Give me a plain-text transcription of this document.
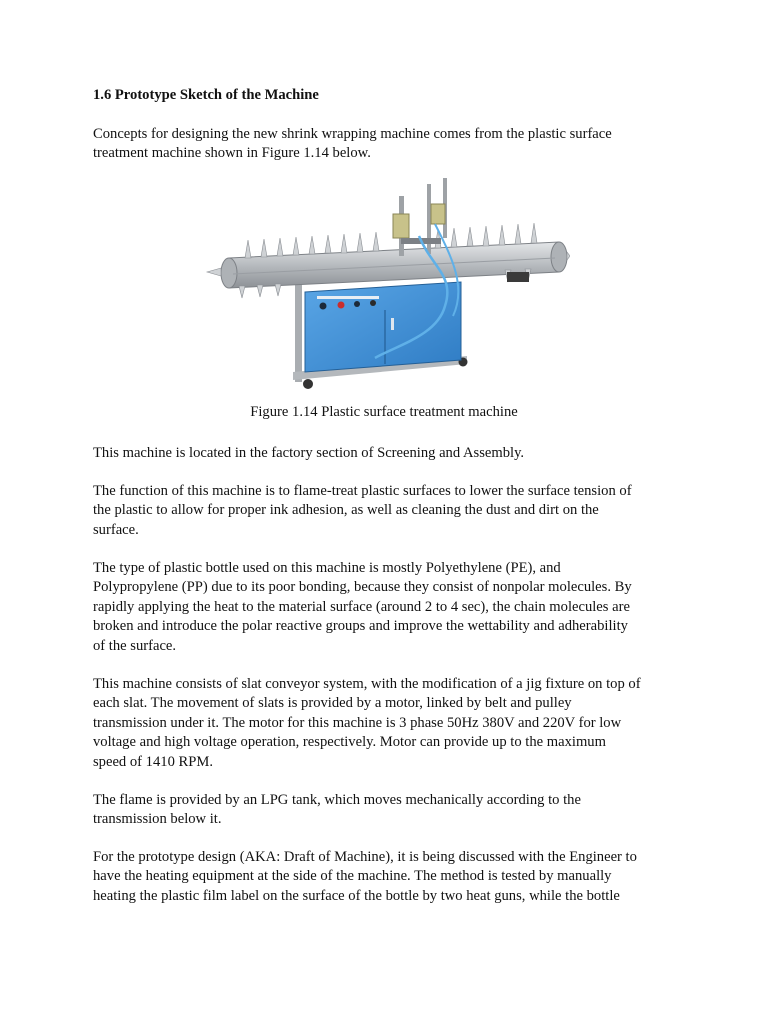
1.6 Prototype Sketch of the Machine
Concepts for designing the new shrink wrapping machine comes from the plastic surface
treatment machine shown in Figure 1.14 below.
Figure 1.14 Plastic surface treatment machine
This machine is located in the factory section of Screening and Assembly.
The function of this machine is to flame-treat plastic surfaces to lower the surface tension of
the plastic to allow for proper ink adhesion, as well as cleaning the dust and dirt on the
surface.
The type of plastic bottle used on this machine is mostly Polyethylene (PE), and
Polypropylene (PP) due to its poor bonding, because they consist of nonpolar molecules. By
rapidly applying the heat to the material surface (around 2 to 4 sec), the chain molecules are
broken and introduce the polar reactive groups and improve the wettability and adherability
of the surface.
This machine consists of slat conveyor system, with the modification of a jig fixture on top of
each slat. The movement of slats is provided by a motor, linked by belt and pulley
transmission under it. The motor for this machine is 3 phase 50Hz 380V and 220V for low
voltage and high voltage operation, respectively. Motor can provide up to the maximum
speed of 1410 RPM.
The flame is provided by an LPG tank, which moves mechanically according to the
transmission below it.
For the prototype design (AKA: Draft of Machine), it is being discussed with the Engineer to
have the heating equipment at the side of the machine. The method is tested by manually
heating the plastic film label on the surface of the bottle by two heat guns, while the bottle
